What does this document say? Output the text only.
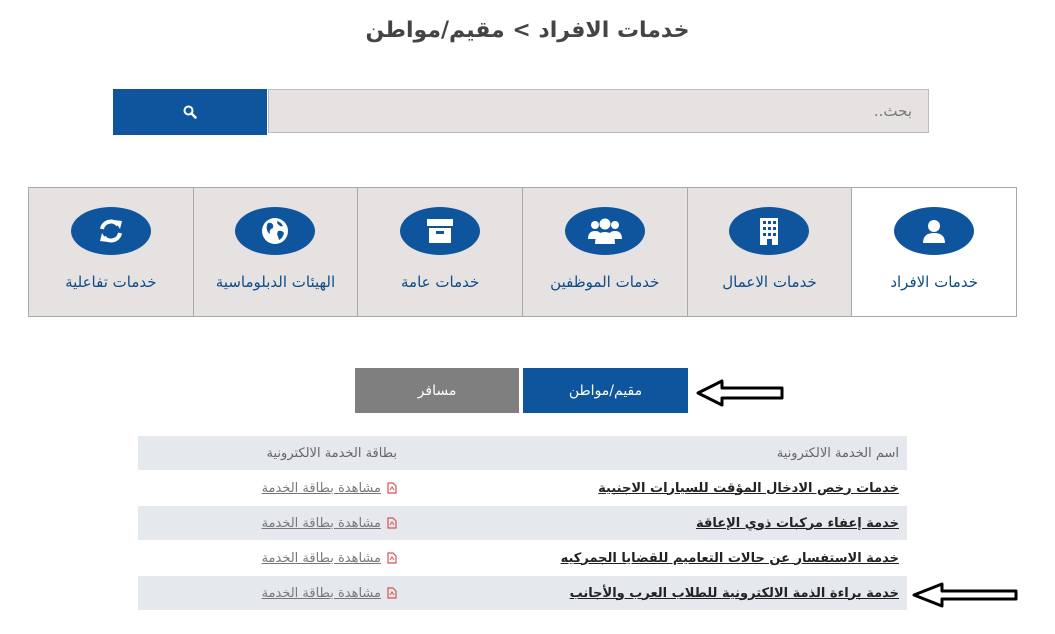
خدمات الافراد > مقيم/مواطن
بحث..
خدمات الافراد
خدمات الاعمال
خدمات الموظفين
خدمات عامة
الهيئات الدبلوماسية
خدمات تفاعلية
مقيم/مواطن
مسافر
اسم الخدمة الالكترونية
بطاقة الخدمة الالكترونية
خدمات رخص الادخال المؤقت للسيارات الاجنبية
مشاهدة بطاقة الخدمة
خدمة إعفاء مركبات ذوي الإعاقة
مشاهدة بطاقة الخدمة
خدمة الاستفسار عن حالات التعاميم للقضايا الجمركيه
مشاهدة بطاقة الخدمة
خدمة براءة الذمة الالكترونية للطلاب العرب والأجانب
مشاهدة بطاقة الخدمة
